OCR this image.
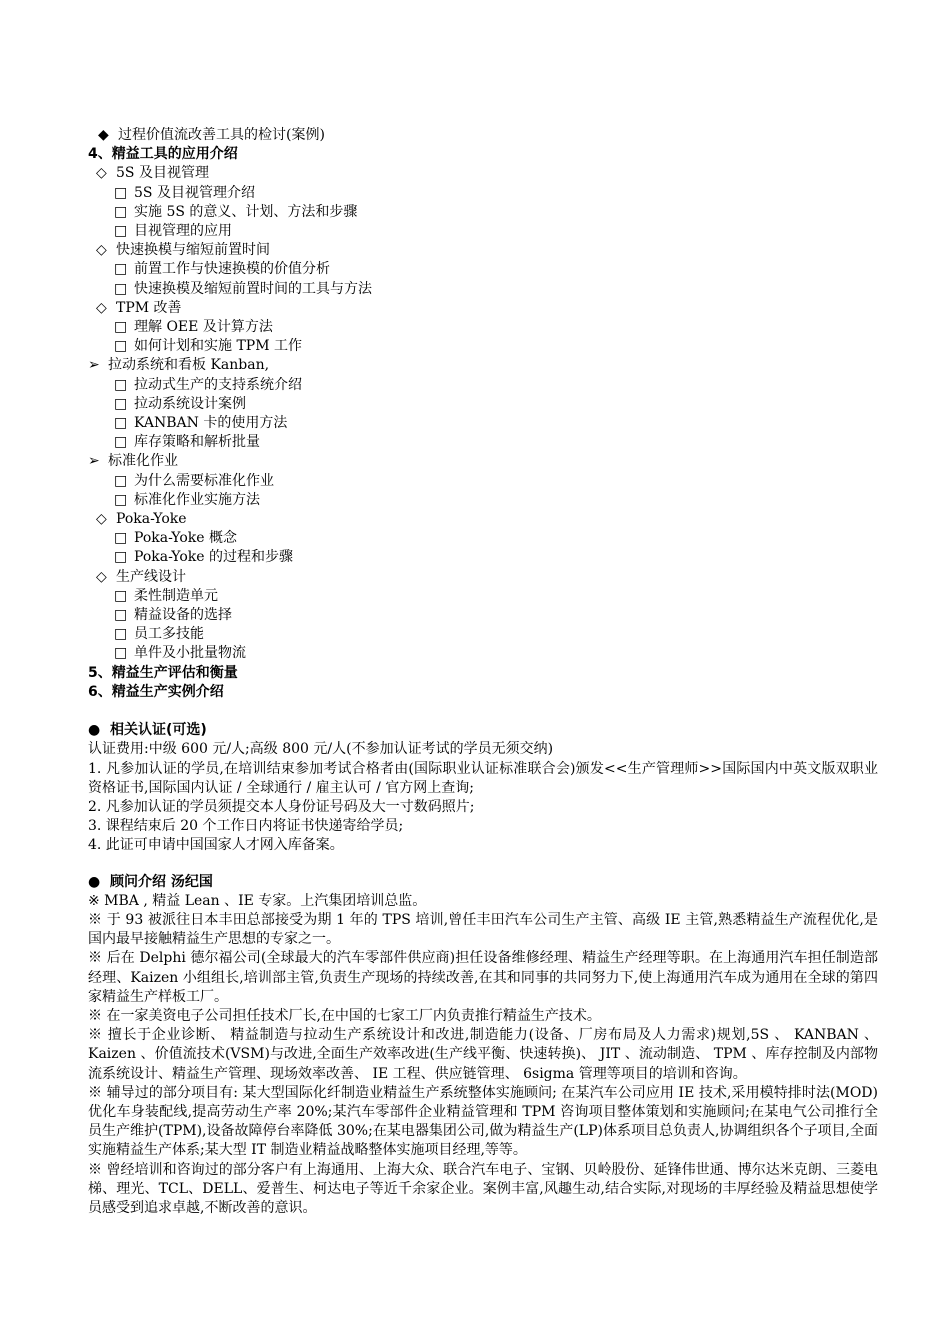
◆ 过程价值流改善工具的检讨(案例)
4、精益工具的应用介绍
◇ 5S 及目视管理
□ 5S 及目视管理介绍
□ 实施 5S 的意义、计划、方法和步骤
□ 目视管理的应用
◇ 快速换模与缩短前置时间
□ 前置工作与快速换模的价值分析
□ 快速换模及缩短前置时间的工具与方法
◇ TPM 改善
□ 理解 OEE 及计算方法
□ 如何计划和实施 TPM 工作
➢ 拉动系统和看板 Kanban,
□ 拉动式生产的支持系统介绍
□ 拉动系统设计案例
□ KANBAN 卡的使用方法
□ 库存策略和解析批量
➢ 标准化作业
□ 为什么需要标准化作业
□ 标准化作业实施方法
◇ Poka-Yoke
□ Poka-Yoke 概念
□ Poka-Yoke 的过程和步骤
◇ 生产线设计
□ 柔性制造单元
□ 精益设备的选择
□ 员工多技能
□ 单件及小批量物流
5、精益生产评估和衡量
6、精益生产实例介绍
● 相关认证(可选)
认证费用:中级 600 元/人;高级 800 元/人(不参加认证考试的学员无须交纳)
1. 凡参加认证的学员,在培训结束参加考试合格者由(国际职业认证标准联合会)颁发<<生产管理师>>国际国内中英文版双职业资格证书,国际国内认证 / 全球通行 / 雇主认可 / 官方网上查询;
2. 凡参加认证的学员须提交本人身份证号码及大一寸数码照片;
3. 课程结束后 20 个工作日内将证书快递寄给学员;
4. 此证可申请中国国家人才网入库备案。
● 顾问介绍 汤纪国
※ MBA , 精益 Lean 、IE 专家。上汽集团培训总监。
※ 于 93 被派往日本丰田总部接受为期 1 年的 TPS 培训,曾任丰田汽车公司生产主管、高级 IE 主管,熟悉精益生产流程优化,是国内最早接触精益生产思想的专家之一。
※ 后在 Delphi 德尔福公司(全球最大的汽车零部件供应商)担任设备维修经理、精益生产经理等职。在上海通用汽车担任制造部经理、Kaizen 小组组长,培训部主管,负责生产现场的持续改善,在其和同事的共同努力下,使上海通用汽车成为通用在全球的第四家精益生产样板工厂。
※ 在一家美资电子公司担任技术厂长,在中国的七家工厂内负责推行精益生产技术。
※ 擅长于企业诊断、 精益制造与拉动生产系统设计和改进,制造能力(设备、厂房布局及人力需求)规划,5S 、 KANBAN 、 Kaizen 、价值流技术(VSM)与改进,全面生产效率改进(生产线平衡、快速转换)、 JIT 、流动制造、 TPM 、库存控制及内部物流系统设计、精益生产管理、现场效率改善、 IE 工程、供应链管理、 6sigma 管理等项目的培训和咨询。
※ 辅导过的部分项目有: 某大型国际化纤制造业精益生产系统整体实施顾问; 在某汽车公司应用 IE 技术,采用模特排时法(MOD)优化车身装配线,提高劳动生产率 20%;某汽车零部件企业精益管理和 TPM 咨询项目整体策划和实施顾问;在某电气公司推行全员生产维护(TPM),设备故障停台率降低 30%;在某电器集团公司,做为精益生产(LP)体系项目总负责人,协调组织各个子项目,全面实施精益生产体系;某大型 IT 制造业精益战略整体实施项目经理,等等。
※ 曾经培训和咨询过的部分客户有上海通用、上海大众、联合汽车电子、宝钢、贝岭股份、延锋伟世通、博尔达米克朗、三菱电梯、理光、TCL、DELL、爱普生、柯达电子等近千余家企业。案例丰富,风趣生动,结合实际,对现场的丰厚经验及精益思想使学员感受到追求卓越,不断改善的意识。
